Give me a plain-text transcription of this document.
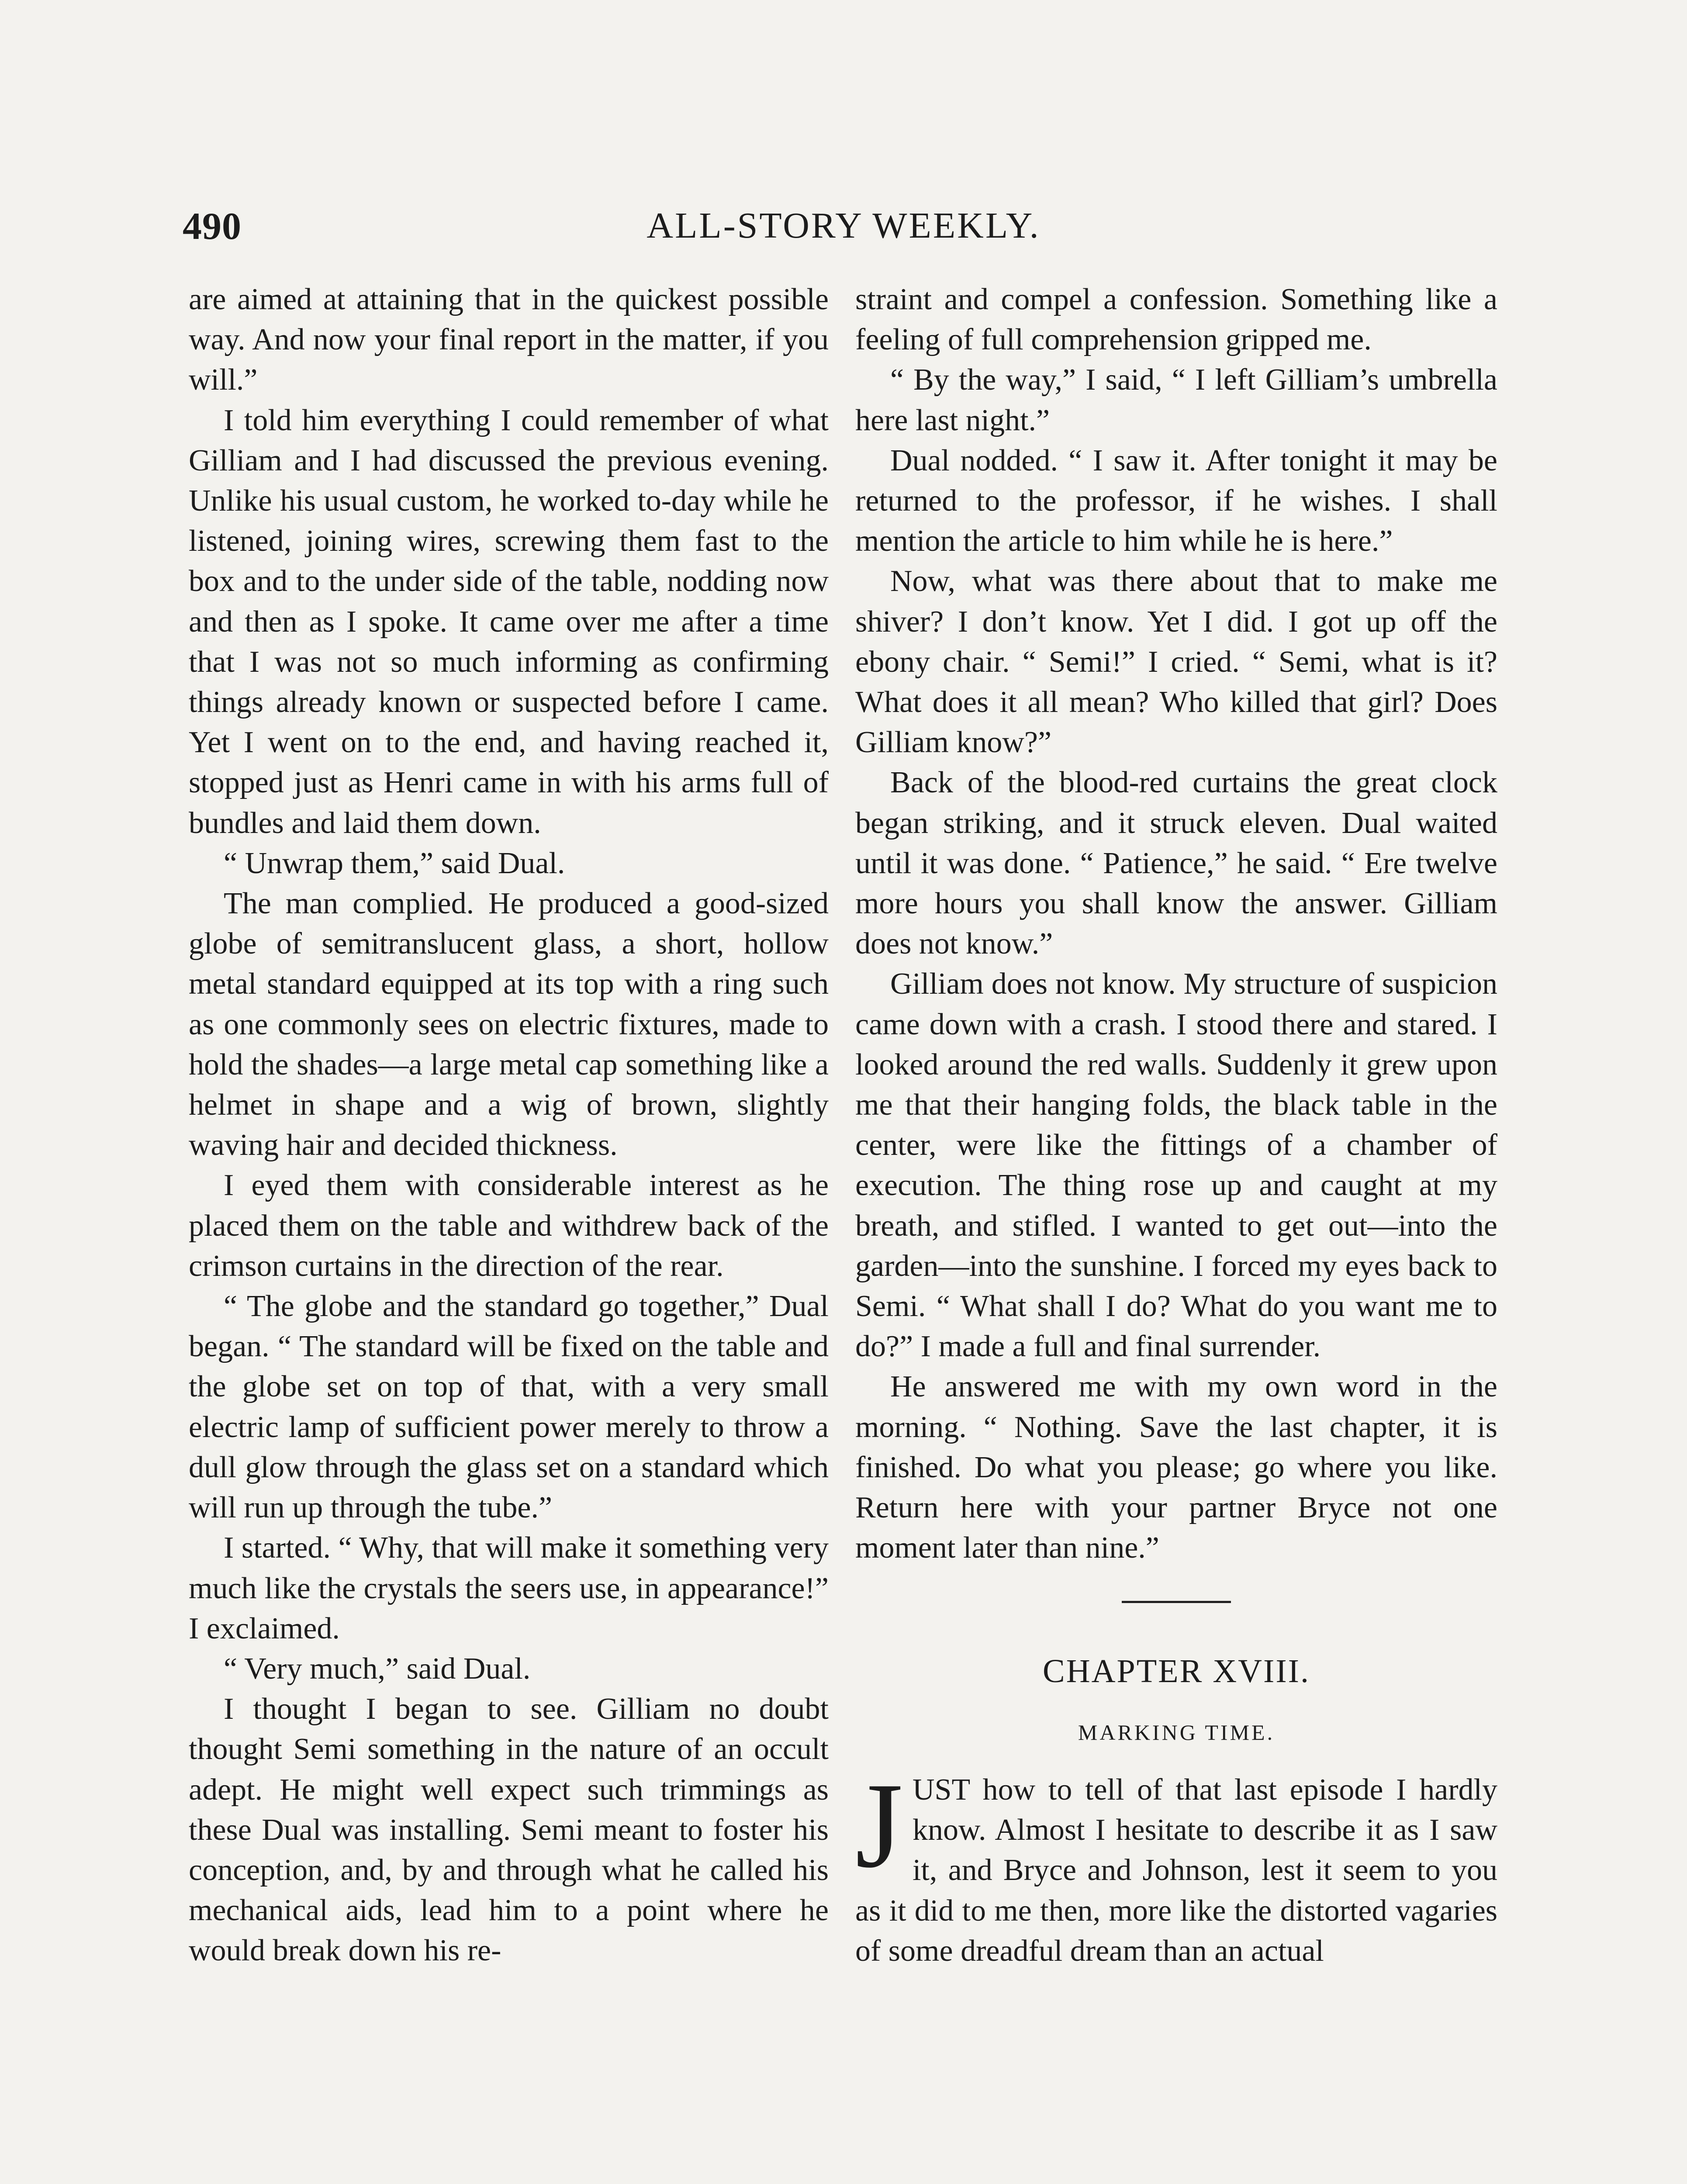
490	ALL-STORY WEEKLY.

are aimed at attaining that in the quickest possible way. And now your final report in the matter, if you will.”

I told him everything I could remember of what Gilliam and I had discussed the previous evening. Unlike his usual custom, he worked to-day while he listened, joining wires, screwing them fast to the box and to the under side of the table, nodding now and then as I spoke. It came over me after a time that I was not so much informing as confirming things already known or suspected before I came. Yet I went on to the end, and having reached it, stopped just as Henri came in with his arms full of bundles and laid them down.

“ Unwrap them,” said Dual.

The man complied. He produced a good-sized globe of semitranslucent glass, a short, hollow metal standard equipped at its top with a ring such as one commonly sees on electric fixtures, made to hold the shades—a large metal cap something like a helmet in shape and a wig of brown, slightly waving hair and decided thickness.

I eyed them with considerable interest as he placed them on the table and withdrew back of the crimson curtains in the direction of the rear.

“ The globe and the standard go together,” Dual began. “ The standard will be fixed on the table and the globe set on top of that, with a very small electric lamp of sufficient power merely to throw a dull glow through the glass set on a standard which will run up through the tube.”

I started. “ Why, that will make it something very much like the crystals the seers use, in appearance!” I exclaimed.

“ Very much,” said Dual.

I thought I began to see. Gilliam no doubt thought Semi something in the nature of an occult adept. He might well expect such trimmings as these Dual was installing. Semi meant to foster his conception, and, by and through what he called his mechanical aids, lead him to a point where he would break down his re-

straint and compel a confession. Something like a feeling of full comprehension gripped me.

“ By the way,” I said, “ I left Gilliam’s umbrella here last night.”

Dual nodded. “ I saw it. After tonight it may be returned to the professor, if he wishes. I shall mention the article to him while he is here.”

Now, what was there about that to make me shiver? I don’t know. Yet I did. I got up off the ebony chair. “ Semi!” I cried. “ Semi, what is it? What does it all mean? Who killed that girl? Does Gilliam know?”

Back of the blood-red curtains the great clock began striking, and it struck eleven. Dual waited until it was done. “ Patience,” he said. “ Ere twelve more hours you shall know the answer. Gilliam does not know.”

Gilliam does not know. My structure of suspicion came down with a crash. I stood there and stared. I looked around the red walls. Suddenly it grew upon me that their hanging folds, the black table in the center, were like the fittings of a chamber of execution. The thing rose up and caught at my breath, and stifled. I wanted to get out—into the garden—into the sunshine. I forced my eyes back to Semi. “ What shall I do? What do you want me to do?” I made a full and final surrender.

He answered me with my own word in the morning. “ Nothing. Save the last chapter, it is finished. Do what you please; go where you like. Return here with your partner Bryce not one moment later than nine.”

CHAPTER XVIII.
MARKING TIME.

JUST how to tell of that last episode I hardly know. Almost I hesitate to describe it as I saw it, and Bryce and Johnson, lest it seem to you as it did to me then, more like the distorted vagaries of some dreadful dream than an actual
